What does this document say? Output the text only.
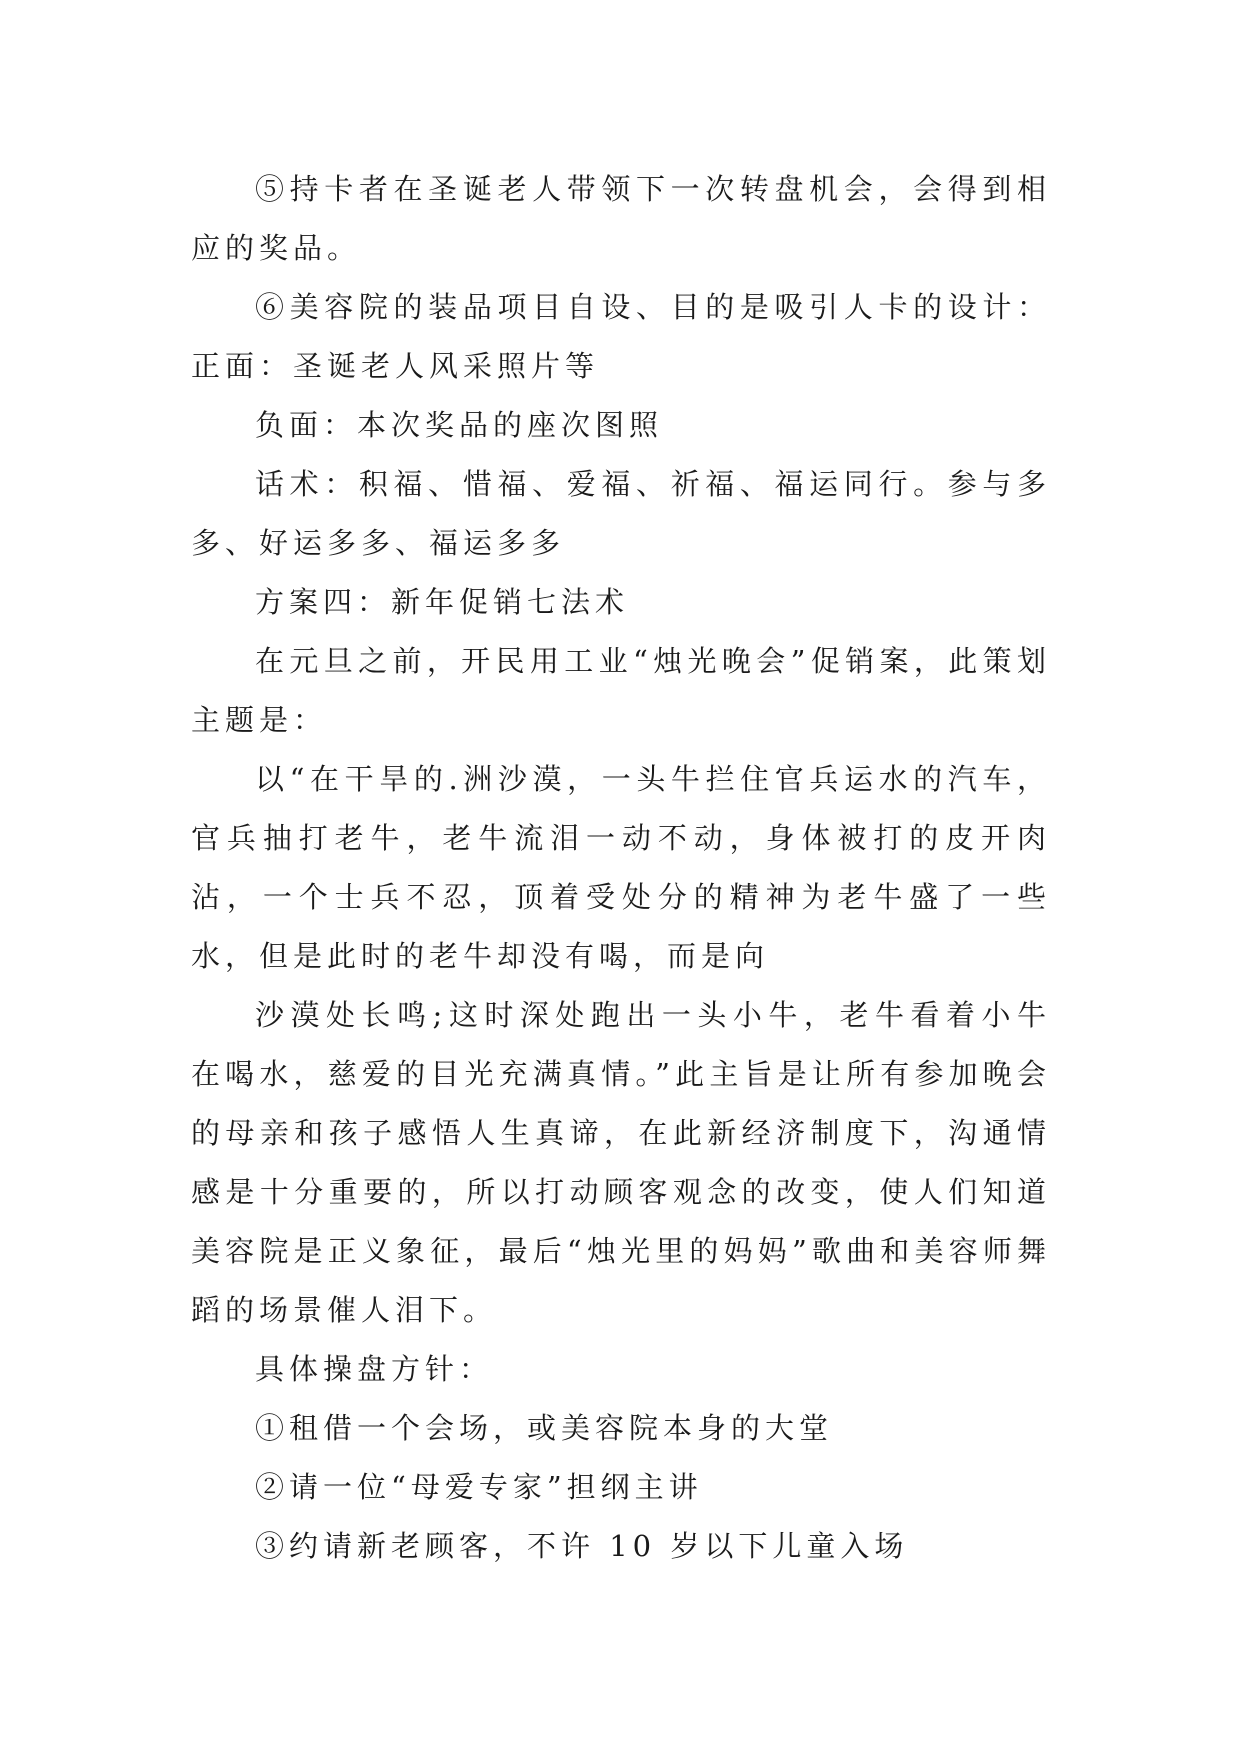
⑤持卡者在圣诞老人带领下一次转盘机会，会得到相应的奖品。

⑥美容院的装品项目自设、目的是吸引人卡的设计：正面：圣诞老人风采照片等

负面：本次奖品的座次图照

话术：积福、惜福、爱福、祈福、福运同行。参与多多、好运多多、福运多多

方案四：新年促销七法术

在元旦之前，开民用工业“烛光晚会”促销案，此策划主题是：

以“在干旱的.洲沙漠，一头牛拦住官兵运水的汽车，官兵抽打老牛，老牛流泪一动不动，身体被打的皮开肉沾，一个士兵不忍，顶着受处分的精神为老牛盛了一些水，但是此时的老牛却没有喝，而是向

沙漠处长鸣;这时深处跑出一头小牛，老牛看着小牛在喝水，慈爱的目光充满真情。”此主旨是让所有参加晚会的母亲和孩子感悟人生真谛，在此新经济制度下，沟通情感是十分重要的，所以打动顾客观念的改变，使人们知道美容院是正义象征，最后“烛光里的妈妈”歌曲和美容师舞蹈的场景催人泪下。

具体操盘方针：

①租借一个会场，或美容院本身的大堂

②请一位“母爱专家”担纲主讲

③约请新老顾客，不许 10 岁以下儿童入场
